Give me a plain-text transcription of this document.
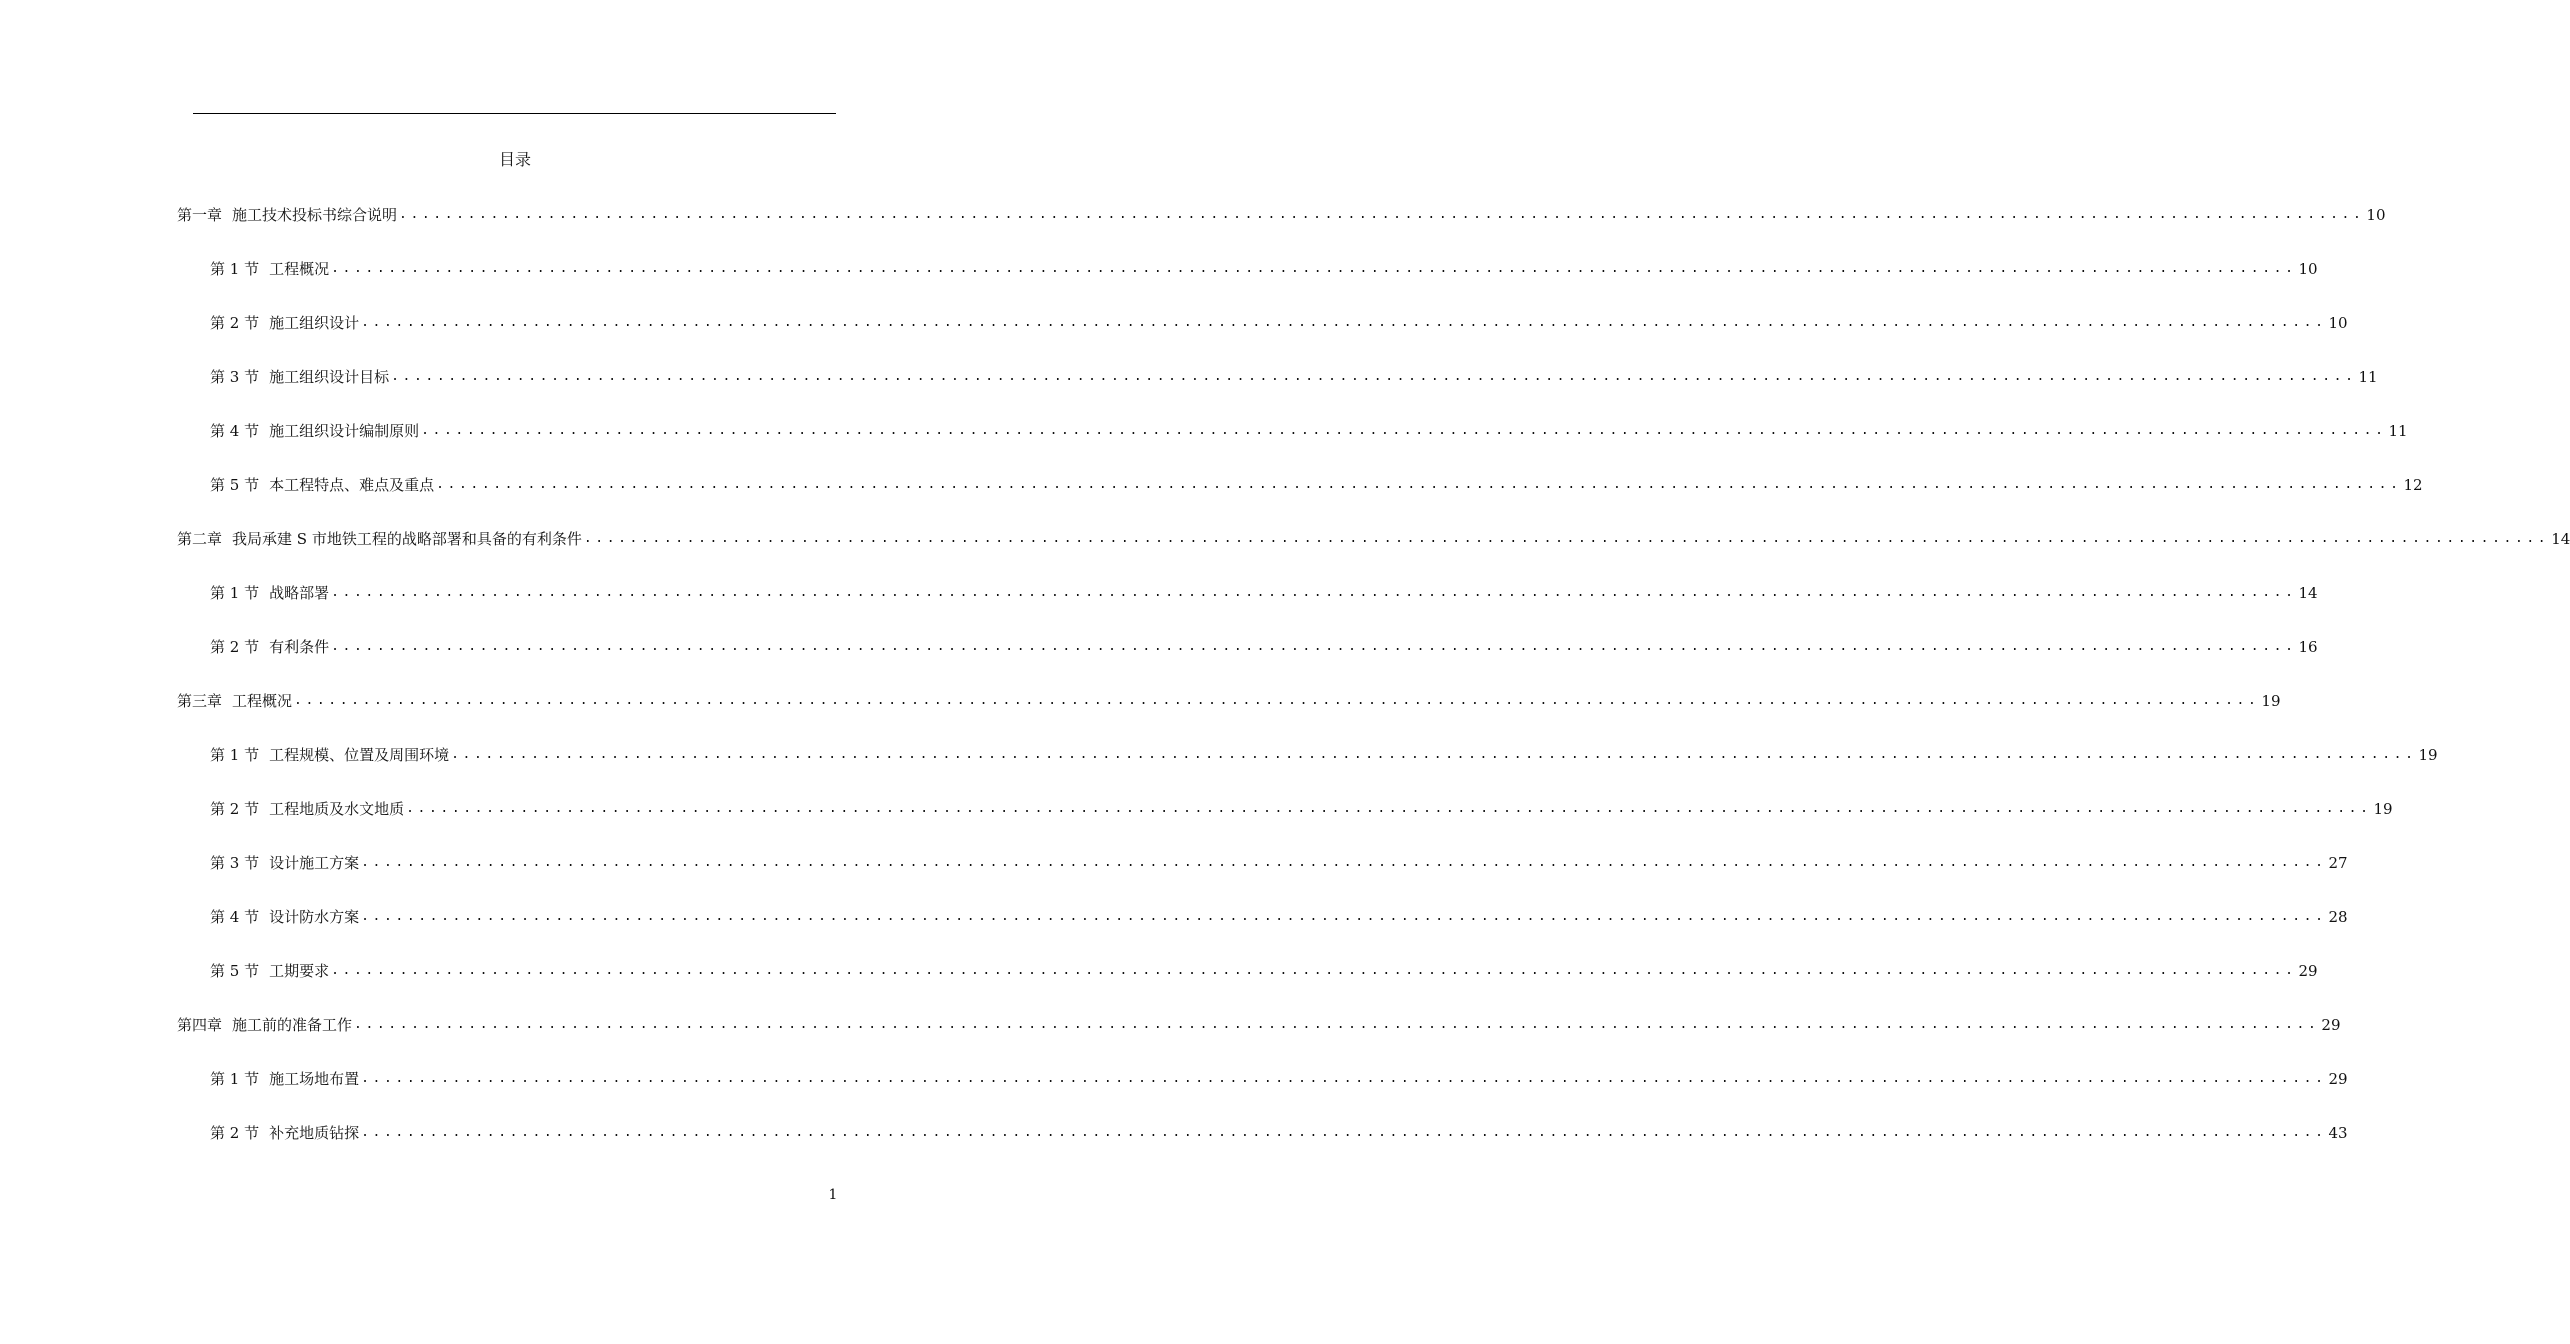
目录
第一章 施工技术投标书综合说明 ............................................................................................................................................................................ 10
第 1 节 工程概况 ............................................................................................................................................................................ 10
第 2 节 施工组织设计 ............................................................................................................................................................................ 10
第 3 节 施工组织设计目标 ............................................................................................................................................................................ 11
第 4 节 施工组织设计编制原则 ............................................................................................................................................................................ 11
第 5 节 本工程特点、难点及重点 ............................................................................................................................................................................ 12
第二章 我局承建 S 市地铁工程的战略部署和具备的有利条件 ............................................................................................................................................................................ 14
第 1 节 战略部署 ............................................................................................................................................................................ 14
第 2 节 有利条件 ............................................................................................................................................................................ 16
第三章 工程概况 ............................................................................................................................................................................ 19
第 1 节 工程规模、位置及周围环境 ............................................................................................................................................................................ 19
第 2 节 工程地质及水文地质 ............................................................................................................................................................................ 19
第 3 节 设计施工方案 ............................................................................................................................................................................ 27
第 4 节 设计防水方案 ............................................................................................................................................................................ 28
第 5 节 工期要求 ............................................................................................................................................................................ 29
第四章 施工前的准备工作 ............................................................................................................................................................................ 29
第 1 节 施工场地布置 ............................................................................................................................................................................ 29
第 2 节 补充地质钻探 ............................................................................................................................................................................ 43
1
